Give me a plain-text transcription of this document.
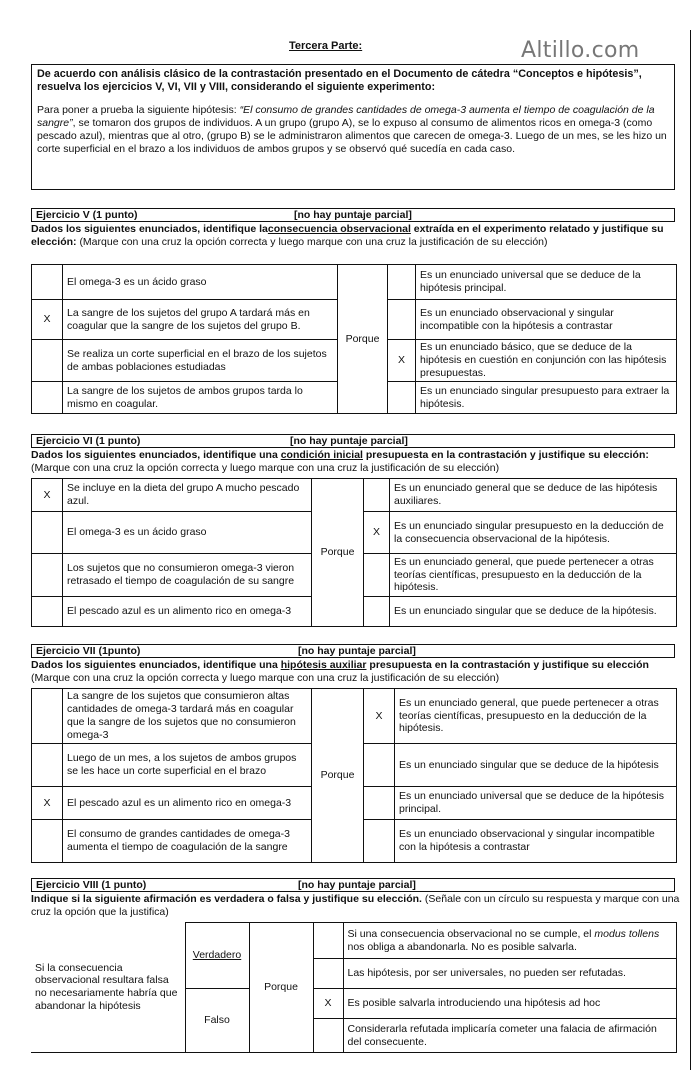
Tercera Parte:	Altillo.com
De acuerdo con análisis clásico de la contrastación presentado en el Documento de cátedra “Conceptos e hipótesis”, resuelva los ejercicios V, VI, VII y VIII, considerando el siguiente experimento:
Para poner a prueba la siguiente hipótesis: “El consumo de grandes cantidades de omega-3 aumenta el tiempo de coagulación de la sangre”, se tomaron dos grupos de individuos. A un grupo (grupo A), se lo expuso al consumo de alimentos ricos en omega-3 (como pescado azul), mientras que al otro, (grupo B) se le administraron alimentos que carecen de omega-3. Luego de un mes, se les hizo un corte superficial en el brazo a los individuos de ambos grupos y se observó qué sucedía en cada caso.
Ejercicio V (1 punto)	[no hay puntaje parcial]
Dados los siguientes enunciados, identifique laconsecuencia observacional extraída en el experimento relatado y justifique su elección: (Marque con una cruz la opción correcta y luego marque con una cruz la justificación de su elección)
	El omega-3 es un ácido graso	Porque		Es un enunciado universal que se deduce de la hipótesis principal.
X	La sangre de los sujetos del grupo A tardará más en coagular que la sangre de los sujetos del grupo B.			Es un enunciado observacional y singular incompatible con la hipótesis a contrastar
	Se realiza un corte superficial en el brazo de los sujetos de ambas poblaciones estudiadas		X	Es un enunciado básico, que se deduce de la hipótesis en cuestión en conjunción con las hipótesis presupuestas.
	La sangre de los sujetos de ambos grupos tarda lo mismo en coagular.			Es un enunciado singular presupuesto para extraer la hipótesis.
Ejercicio VI (1 punto)	[no hay puntaje parcial]
Dados los siguientes enunciados, identifique una condición inicial presupuesta en la contrastación y justifique su elección: (Marque con una cruz la opción correcta y luego marque con una cruz la justificación de su elección)
X	Se incluye en la dieta del grupo A mucho pescado azul.	Porque		Es un enunciado general que se deduce de las hipótesis auxiliares.
	El omega-3 es un ácido graso		X	Es un enunciado singular presupuesto en la deducción de la consecuencia observacional de la hipótesis.
	Los sujetos que no consumieron omega-3 vieron retrasado el tiempo de coagulación de su sangre			Es un enunciado general, que puede pertenecer a otras teorías científicas, presupuesto en la deducción de la hipótesis.
	El pescado azul es un alimento rico en omega-3			Es un enunciado singular que se deduce de la hipótesis.
Ejercicio VII (1punto)	[no hay puntaje parcial]
Dados los siguientes enunciados, identifique una hipótesis auxiliar presupuesta en la contrastación y justifique su elección (Marque con una cruz la opción correcta y luego marque con una cruz la justificación de su elección)
	La sangre de los sujetos que consumieron altas cantidades de omega-3 tardará más en coagular que la sangre de los sujetos que no consumieron omega-3	Porque	X	Es un enunciado general, que puede pertenecer a otras teorías científicas, presupuesto en la deducción de la hipótesis.
	Luego de un mes, a los sujetos de ambos grupos se les hace un corte superficial en el brazo			Es un enunciado singular que se deduce de la hipótesis
X	El pescado azul es un alimento rico en omega-3			Es un enunciado universal que se deduce de la hipótesis principal.
	El consumo de grandes cantidades de omega-3 aumenta el tiempo de coagulación de la sangre			Es un enunciado observacional y singular incompatible con la hipótesis a contrastar
Ejercicio VIII (1 punto)	[no hay puntaje parcial]
Indique si la siguiente afirmación es verdadera o falsa y justifique su elección. (Señale con un círculo su respuesta y marque con una cruz la opción que la justifica)
Si la consecuencia observacional resultara falsa no necesariamente habría que abandonar la hipótesis	Verdadero	Porque		Si una consecuencia observacional no se cumple, el modus tollens nos obliga a abandonarla. No es posible salvarla.
				Las hipótesis, por ser universales, no pueden ser refutadas.
	Falso		X	Es posible salvarla introduciendo una hipótesis ad hoc
				Considerarla refutada implicaría cometer una falacia de afirmación del consecuente.
